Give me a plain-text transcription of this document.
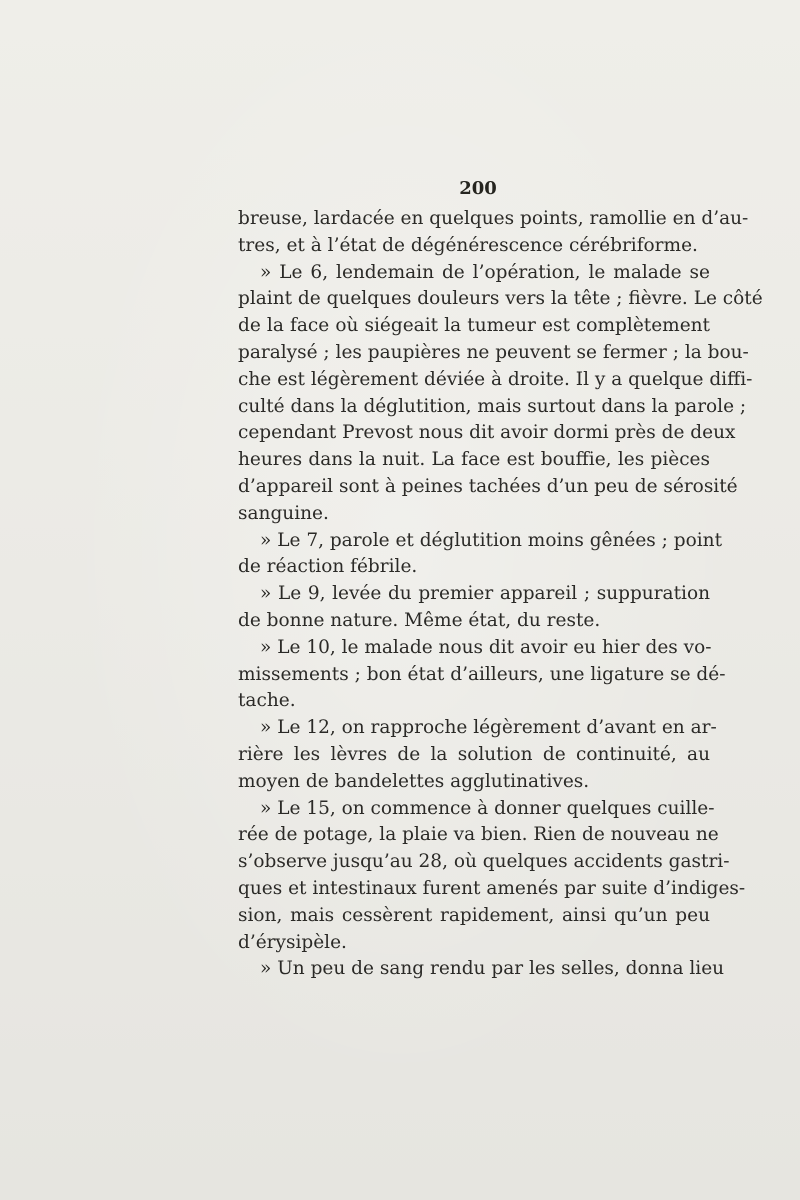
200
breuse, lardacée en quelques points, ramollie en d’au-
tres, et à l’état de dégénérescence cérébriforme.
» Le 6, lendemain de l’opération, le malade se
plaint de quelques douleurs vers la tête ; fièvre. Le côté
de la face où siégeait la tumeur est complètement
paralysé ; les paupières ne peuvent se fermer ; la bou-
che est légèrement déviée à droite. Il y a quelque diffi-
culté dans la déglutition, mais surtout dans la parole ;
cependant Prevost nous dit avoir dormi près de deux
heures dans la nuit. La face est bouffie, les pièces
d’appareil sont à peines tachées d’un peu de sérosité
sanguine.
» Le 7, parole et déglutition moins gênées ; point
de réaction fébrile.
» Le 9, levée du premier appareil ; suppuration
de bonne nature. Même état, du reste.
» Le 10, le malade nous dit avoir eu hier des vo-
missements ; bon état d’ailleurs, une ligature se dé-
tache.
» Le 12, on rapproche légèrement d’avant en ar-
rière les lèvres de la solution de continuité, au
moyen de bandelettes agglutinatives.
» Le 15, on commence à donner quelques cuille-
rée de potage, la plaie va bien. Rien de nouveau ne
s’observe jusqu’au 28, où quelques accidents gastri-
ques et intestinaux furent amenés par suite d’indiges-
sion, mais cessèrent rapidement, ainsi qu’un peu
d’érysipèle.
» Un peu de sang rendu par les selles, donna lieu
